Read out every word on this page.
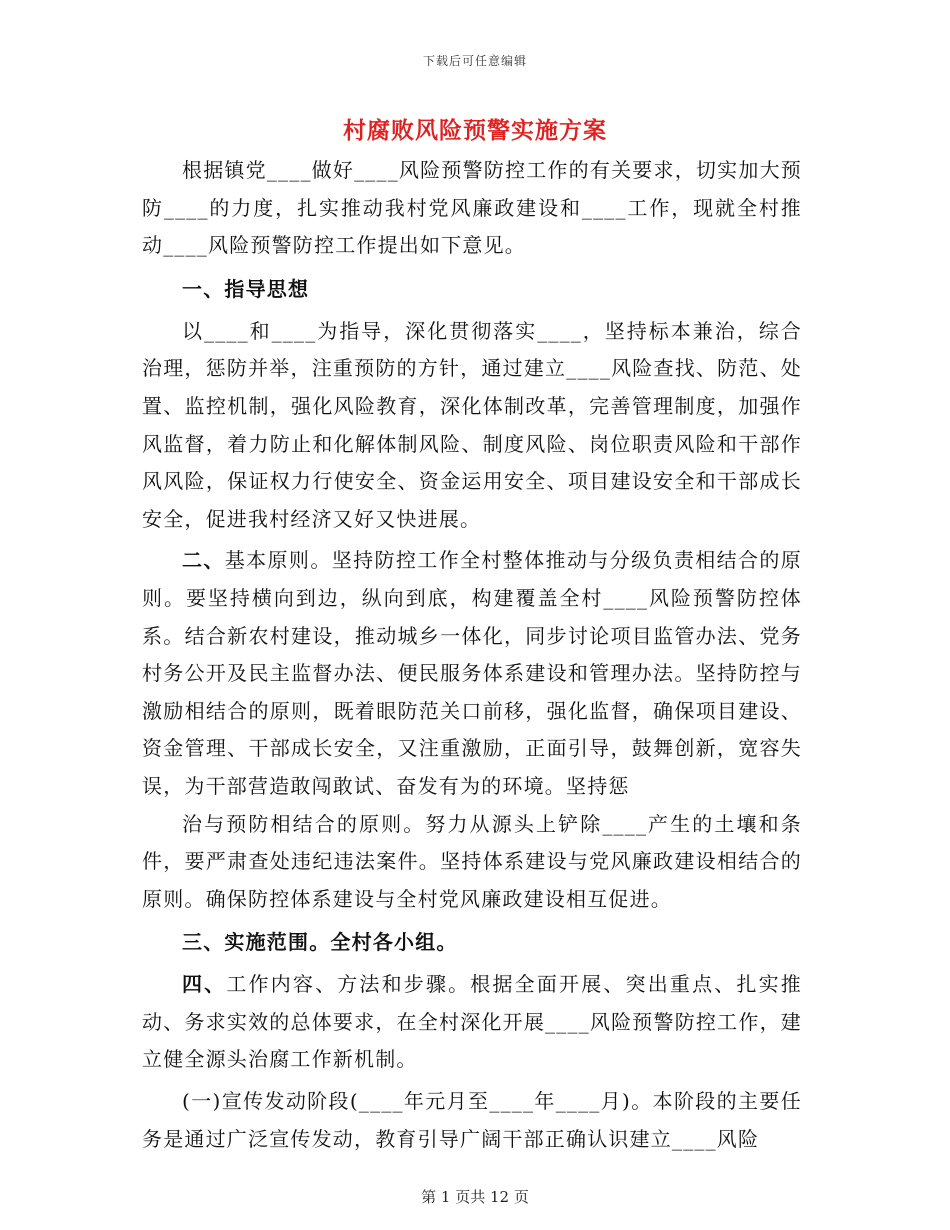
下载后可任意编辑
村腐败风险预警实施方案

根据镇党____做好____风险预警防控工作的有关要求，切实加大预防____的力度，扎实推动我村党风廉政建设和____工作，现就全村推动____风险预警防控工作提出如下意见。

一、指导思想

以____和____为指导，深化贯彻落实____，坚持标本兼治，综合治理，惩防并举，注重预防的方针，通过建立____风险查找、防范、处置、监控机制，强化风险教育，深化体制改革，完善管理制度，加强作风监督，着力防止和化解体制风险、制度风险、岗位职责风险和干部作风风险，保证权力行使安全、资金运用安全、项目建设安全和干部成长安全，促进我村经济又好又快进展。

二、基本原则。坚持防控工作全村整体推动与分级负责相结合的原则。要坚持横向到边，纵向到底，构建覆盖全村____风险预警防控体系。结合新农村建设，推动城乡一体化，同步讨论项目监管办法、党务村务公开及民主监督办法、便民服务体系建设和管理办法。坚持防控与激励相结合的原则，既着眼防范关口前移，强化监督，确保项目建设、资金管理、干部成长安全，又注重激励，正面引导，鼓舞创新，宽容失误，为干部营造敢闯敢试、奋发有为的环境。坚持惩

治与预防相结合的原则。努力从源头上铲除____产生的土壤和条件，要严肃查处违纪违法案件。坚持体系建设与党风廉政建设相结合的原则。确保防控体系建设与全村党风廉政建设相互促进。

三、实施范围。全村各小组。

四、工作内容、方法和步骤。根据全面开展、突出重点、扎实推动、务求实效的总体要求，在全村深化开展____风险预警防控工作，建立健全源头治腐工作新机制。

(一)宣传发动阶段(____年元月至____年____月)。本阶段的主要任务是通过广泛宣传发动，教育引导广阔干部正确认识建立____风险

第 1 页共 12 页
